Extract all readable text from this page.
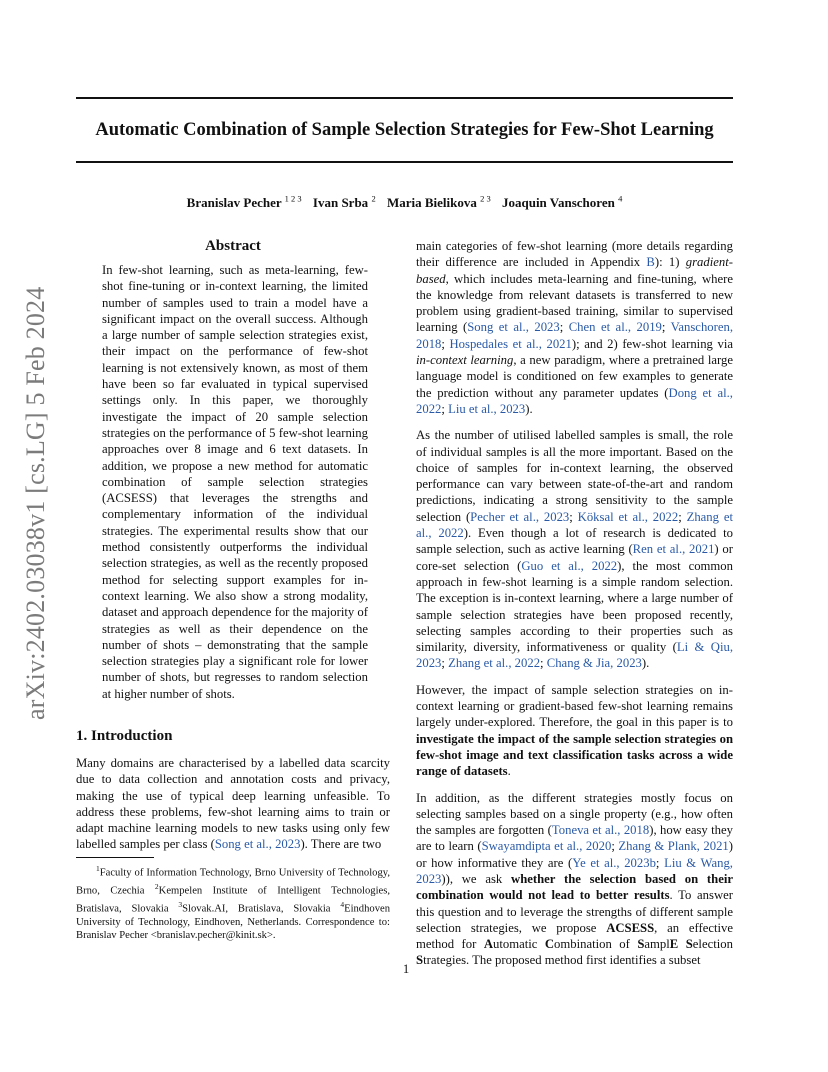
Automatic Combination of Sample Selection Strategies for Few-Shot Learning
Branislav Pecher $^{1 2 3}$ Ivan Srba $^2$ Maria Bielikova $^{2 3}$ Joaquin Vanschoren $^4$
arXiv:2402.03038v1 [cs.LG] 5 Feb 2024
Abstract

In few-shot learning, such as meta-learning, few-shot fine-tuning or in-context learning, the limited number of samples used to train a model have a significant impact on the overall success. Although a large number of sample selection strategies exist, their impact on the performance of few-shot learning is not extensively known, as most of them have been so far evaluated in typical supervised settings only. In this paper, we thoroughly investigate the impact of 20 sample selection strategies on the performance of 5 few-shot learning approaches over 8 image and 6 text datasets. In addition, we propose a new method for automatic combination of sample selection strategies (ACSESS) that leverages the strengths and complementary information of the individual strategies. The experimental results show that our method consistently outperforms the individual selection strategies, as well as the recently proposed method for selecting support examples for in-context learning. We also show a strong modality, dataset and approach dependence for the majority of strategies as well as their dependence on the number of shots – demonstrating that the sample selection strategies play a significant role for lower number of shots, but regresses to random selection at higher number of shots.

1. Introduction

Many domains are characterised by a labelled data scarcity due to data collection and annotation costs and privacy, making the use of typical deep learning unfeasible. To address these problems, few-shot learning aims to train or adapt machine learning models to new tasks using only few labelled samples per class (Song et al., 2023). There are two

$^1$Faculty of Information Technology, Brno University of Technology, Brno, Czechia $^2$Kempelen Institute of Intelligent Technologies, Bratislava, Slovakia $^3$Slovak.AI, Bratislava, Slovakia $^4$Eindhoven University of Technology, Eindhoven, Netherlands. Correspondence to: Branislav Pecher <branislav.pecher@kinit.sk>.

main categories of few-shot learning (more details regarding their difference are included in Appendix B): 1) gradient-based, which includes meta-learning and fine-tuning, where the knowledge from relevant datasets is transferred to new problem using gradient-based training, similar to supervised learning (Song et al., 2023; Chen et al., 2019; Vanschoren, 2018; Hospedales et al., 2021); and 2) few-shot learning via in-context learning, a new paradigm, where a pretrained large language model is conditioned on few examples to generate the prediction without any parameter updates (Dong et al., 2022; Liu et al., 2023).

As the number of utilised labelled samples is small, the role of individual samples is all the more important. Based on the choice of samples for in-context learning, the observed performance can vary between state-of-the-art and random predictions, indicating a strong sensitivity to the sample selection (Pecher et al., 2023; Köksal et al., 2022; Zhang et al., 2022). Even though a lot of research is dedicated to sample selection, such as active learning (Ren et al., 2021) or core-set selection (Guo et al., 2022), the most common approach in few-shot learning is a simple random selection. The exception is in-context learning, where a large number of sample selection strategies have been proposed recently, selecting samples according to their properties such as similarity, diversity, informativeness or quality (Li & Qiu, 2023; Zhang et al., 2022; Chang & Jia, 2023).

However, the impact of sample selection strategies on in-context learning or gradient-based few-shot learning remains largely under-explored. Therefore, the goal in this paper is to investigate the impact of the sample selection strategies on few-shot image and text classification tasks across a wide range of datasets.

In addition, as the different strategies mostly focus on selecting samples based on a single property (e.g., how often the samples are forgotten (Toneva et al., 2018), how easy they are to learn (Swayamdipta et al., 2020; Zhang & Plank, 2021) or how informative they are (Ye et al., 2023b; Liu & Wang, 2023)), we ask whether the selection based on their combination would not lead to better results. To answer this question and to leverage the strengths of different sample selection strategies, we propose ACSESS, an effective method for Automatic Combination of SamplE Selection Strategies. The proposed method first identifies a subset

1
